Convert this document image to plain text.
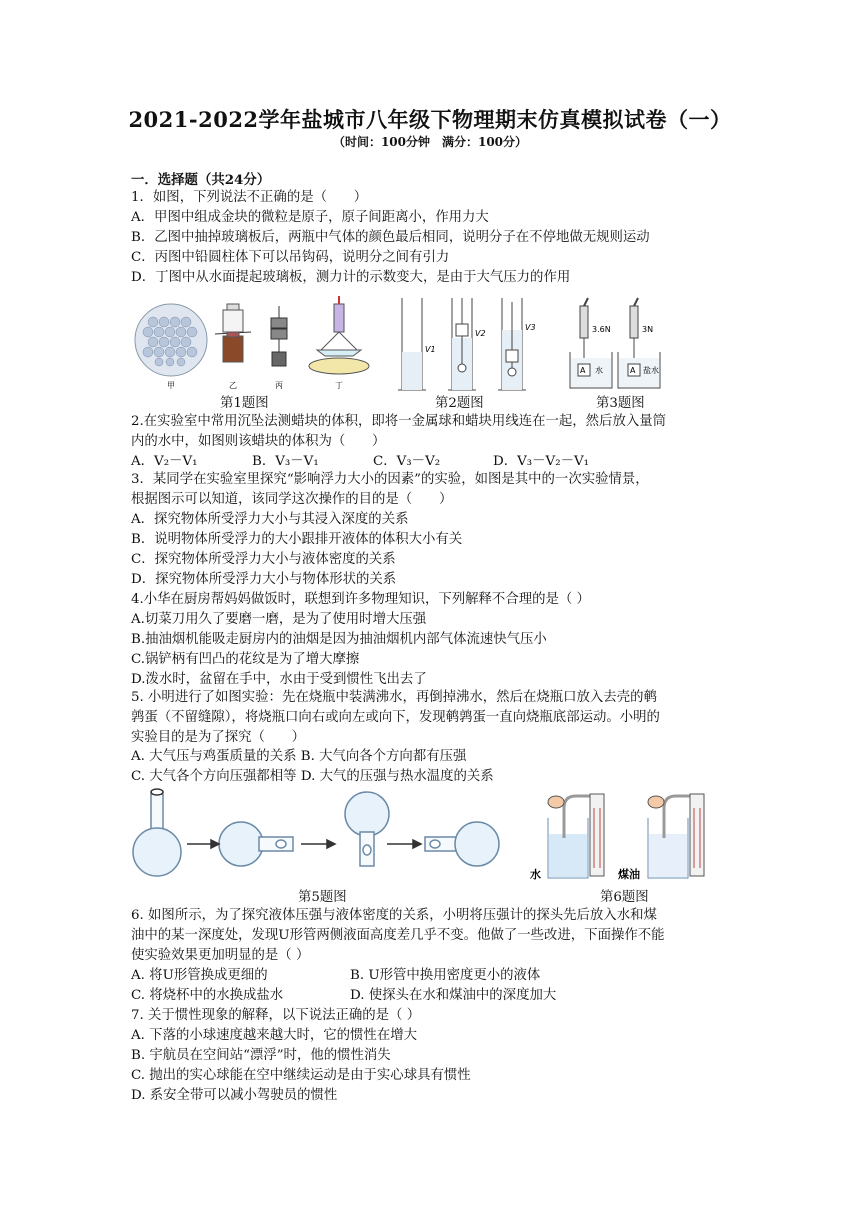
2021-2022学年盐城市八年级下物理期末仿真模拟试卷（一）
（时间：100分钟　满分：100分）
一．选择题（共24分）
1．如图，下列说法不正确的是（　　）
A．甲图中组成金块的微粒是原子，原子间距离小，作用力大
B．乙图中抽掉玻璃板后，两瓶中气体的颜色最后相同，说明分子在不停地做无规则运动
C．丙图中铅圆柱体下可以吊钩码，说明分之间有引力
D．丁图中从水面提起玻璃板，测力计的示数变大，是由于大气压力的作用
甲	乙	丙	丁
V1
V2
V3	3.6N	3N
A	A
水	盐水
第1题图	第2题图	第3题图
2.在实验室中常用沉坠法测蜡块的体积，即将一金属球和蜡块用线连在一起，然后放入量筒
内的水中，如图则该蜡块的体积为（　　）
A．V₂－V₁	B．V₃－V₁	C．V₃－V₂	D．V₃－V₂－V₁
3．某同学在实验室里探究“影响浮力大小的因素”的实验，如图是其中的一次实验情景，
根据图示可以知道，该同学这次操作的目的是（　　）
A．探究物体所受浮力大小与其浸入深度的关系
B．说明物体所受浮力的大小跟排开液体的体积大小有关
C．探究物体所受浮力大小与液体密度的关系
D．探究物体所受浮力大小与物体形状的关系
4.小华在厨房帮妈妈做饭时，联想到许多物理知识，下列解释不合理的是（ ）
A.切菜刀用久了要磨一磨，是为了使用时增大压强
B.抽油烟机能吸走厨房内的油烟是因为抽油烟机内部气体流速快气压小
C.锅铲柄有凹凸的花纹是为了增大摩擦
D.泼水时，盆留在手中，水由于受到惯性飞出去了
5. 小明进行了如图实验：先在烧瓶中装满沸水，再倒掉沸水，然后在烧瓶口放入去壳的鹌
鹑蛋（不留缝隙），将烧瓶口向右或向左或向下，发现鹌鹑蛋一直向烧瓶底部运动。小明的
实验目的是为了探究（　　）
A. 大气压与鸡蛋质量的关系 B. 大气向各个方向都有压强
C. 大气各个方向压强都相等 D. 大气的压强与热水温度的关系
水	煤油
第5题图	第6题图
6. 如图所示，为了探究液体压强与液体密度的关系，小明将压强计的探头先后放入水和煤
油中的某一深度处，发现U形管两侧液面高度差几乎不变。他做了一些改进，下面操作不能
使实验效果更加明显的是（ ）
A. 将U形管换成更细的	B. U形管中换用密度更小的液体
C. 将烧杯中的水换成盐水	D. 使探头在水和煤油中的深度加大
7. 关于惯性现象的解释，以下说法正确的是（ ）
A. 下落的小球速度越来越大时，它的惯性在增大
B. 宇航员在空间站“漂浮”时，他的惯性消失
C. 抛出的实心球能在空中继续运动是由于实心球具有惯性
D. 系安全带可以减小驾驶员的惯性
